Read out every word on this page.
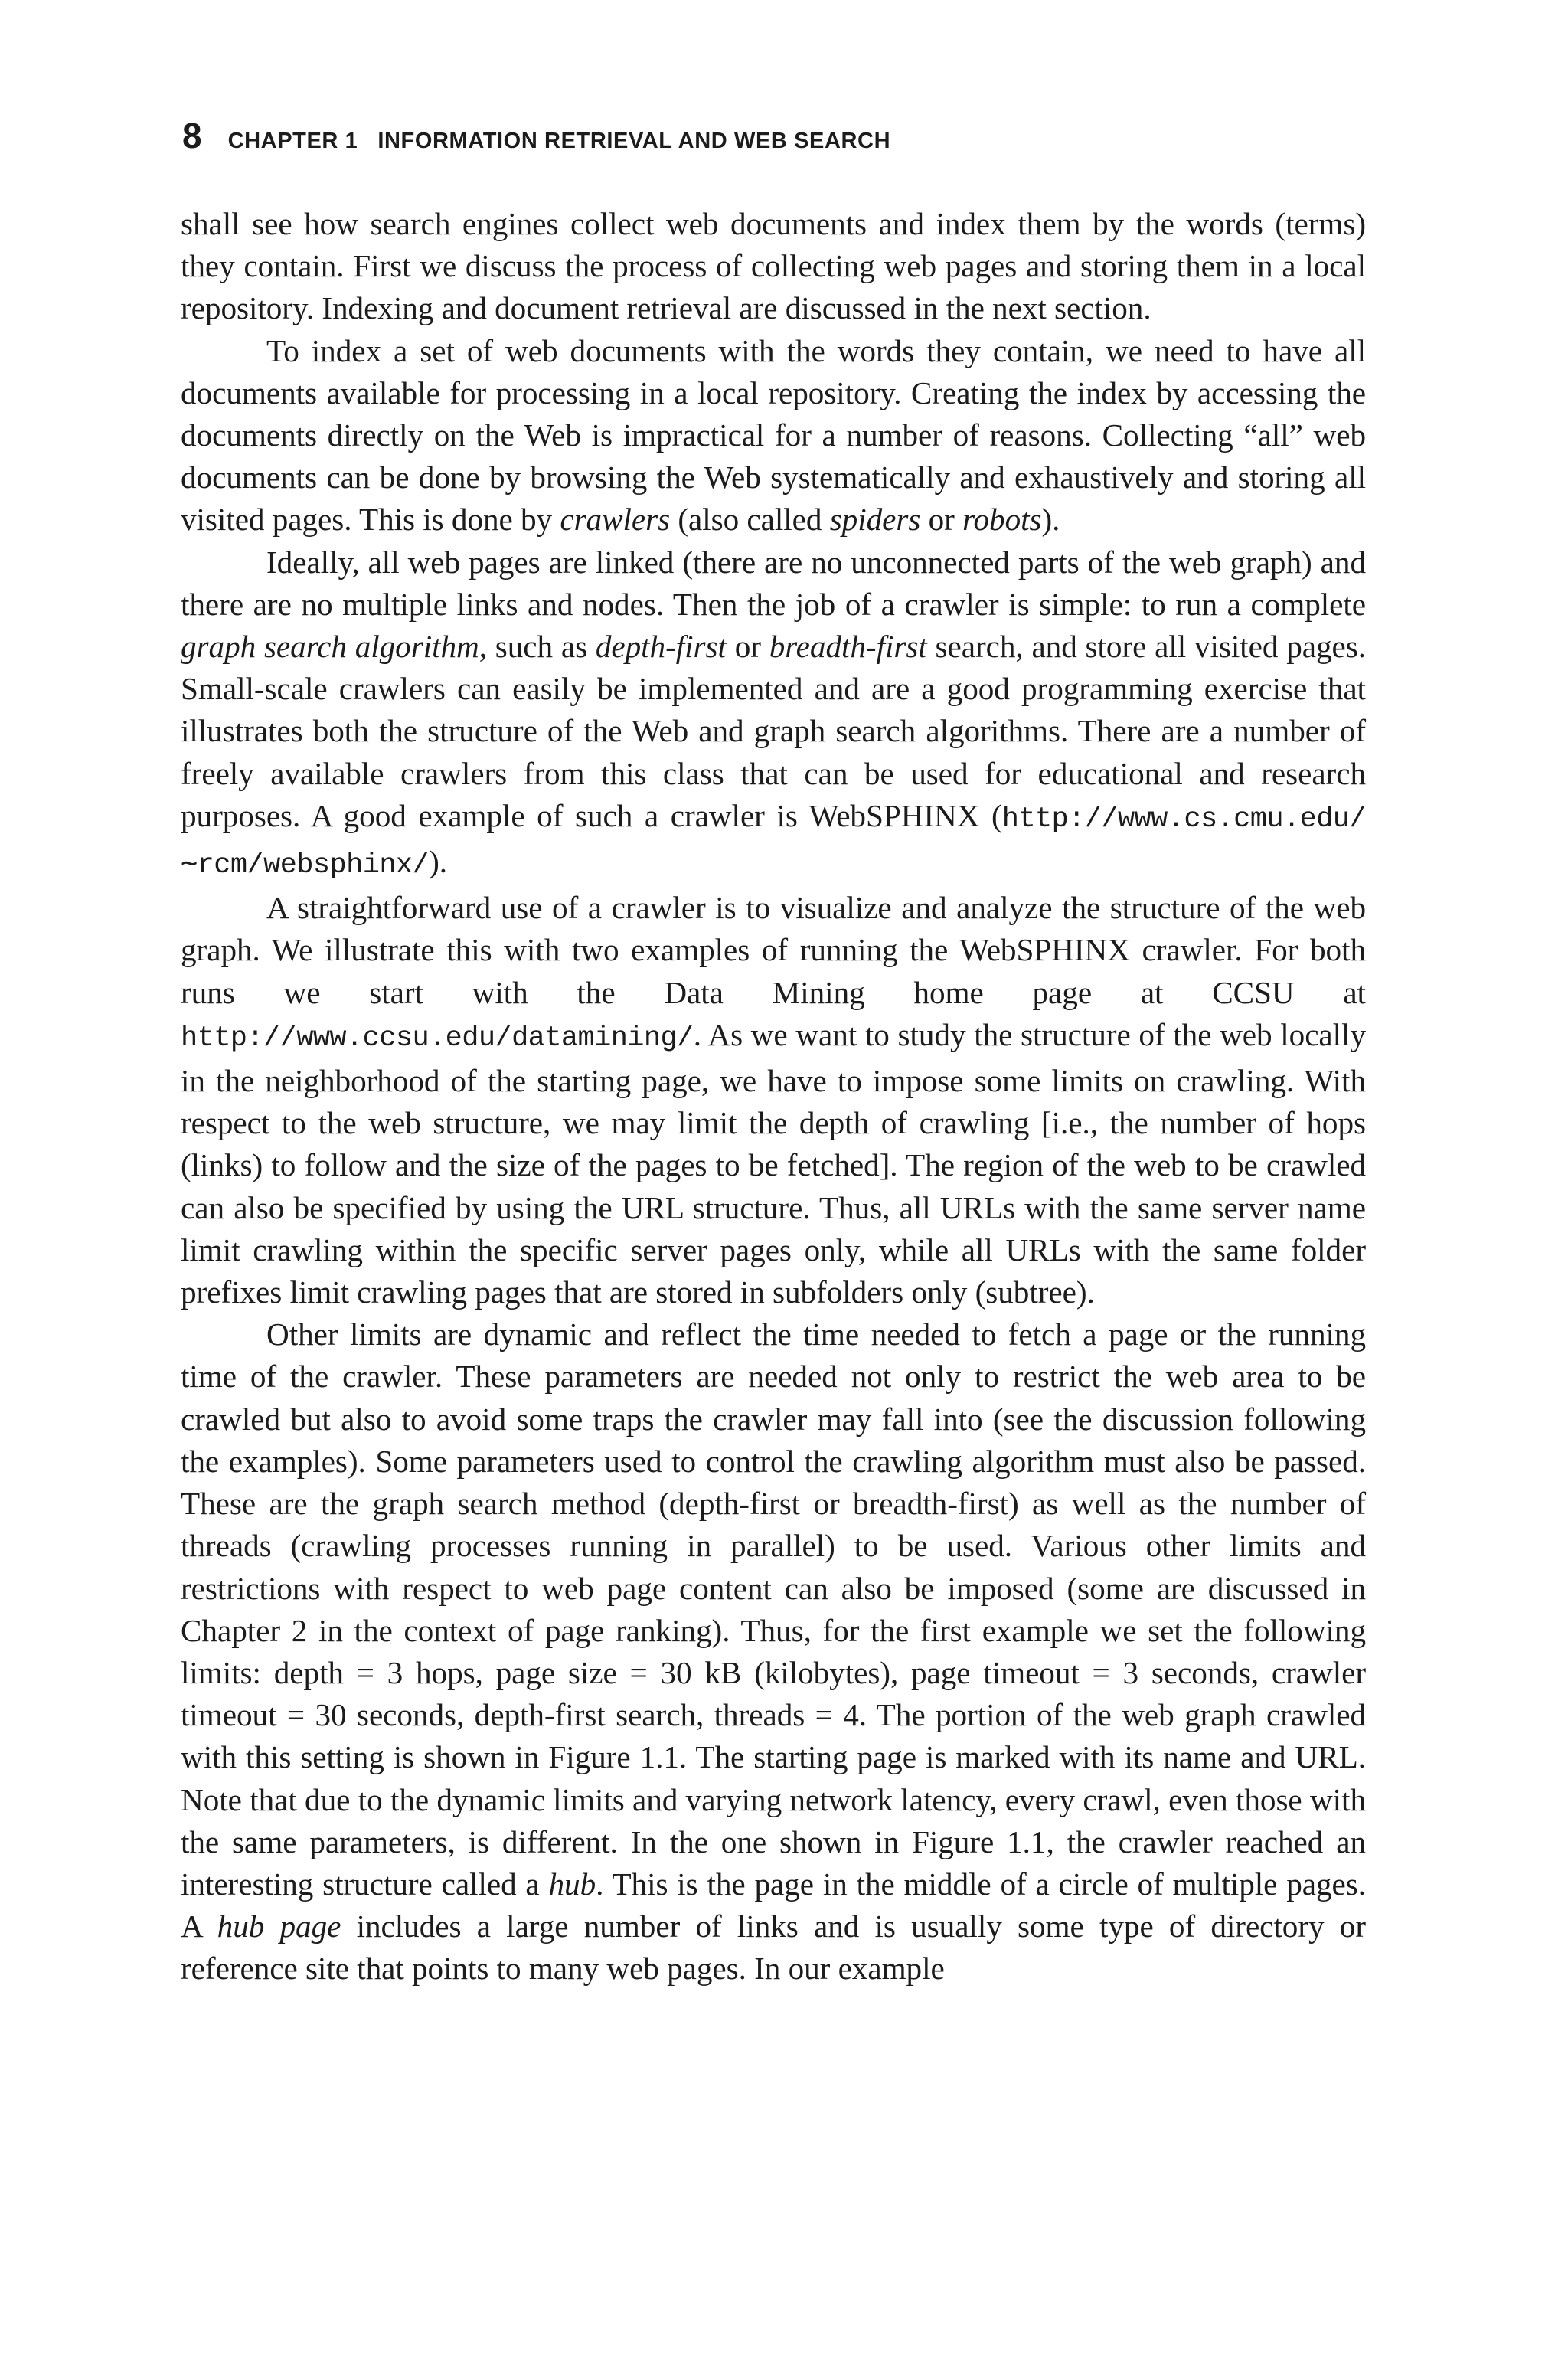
8 CHAPTER 1 INFORMATION RETRIEVAL AND WEB SEARCH

shall see how search engines collect web documents and index them by the words (terms) they contain. First we discuss the process of collecting web pages and storing them in a local repository. Indexing and document retrieval are discussed in the next section.

To index a set of web documents with the words they contain, we need to have all documents available for processing in a local repository. Creating the index by accessing the documents directly on the Web is impractical for a number of reasons. Collecting “all” web documents can be done by browsing the Web systematically and exhaustively and storing all visited pages. This is done by crawlers (also called spiders or robots).

Ideally, all web pages are linked (there are no unconnected parts of the web graph) and there are no multiple links and nodes. Then the job of a crawler is simple: to run a complete graph search algorithm, such as depth-first or breadth-first search, and store all visited pages. Small-scale crawlers can easily be implemented and are a good programming exercise that illustrates both the structure of the Web and graph search algorithms. There are a number of freely available crawlers from this class that can be used for educational and research purposes. A good example of such a crawler is WebSPHINX (http://www.cs.cmu.edu/∼rcm/websphinx/).

A straightforward use of a crawler is to visualize and analyze the structure of the web graph. We illustrate this with two examples of running the WebSPHINX crawler. For both runs we start with the Data Mining home page at CCSU at http://www.ccsu.edu/datamining/. As we want to study the structure of the web locally in the neighborhood of the starting page, we have to impose some limits on crawling. With respect to the web structure, we may limit the depth of crawling [i.e., the number of hops (links) to follow and the size of the pages to be fetched]. The region of the web to be crawled can also be specified by using the URL structure. Thus, all URLs with the same server name limit crawling within the specific server pages only, while all URLs with the same folder prefixes limit crawling pages that are stored in subfolders only (subtree).

Other limits are dynamic and reflect the time needed to fetch a page or the running time of the crawler. These parameters are needed not only to restrict the web area to be crawled but also to avoid some traps the crawler may fall into (see the discussion following the examples). Some parameters used to control the crawling algorithm must also be passed. These are the graph search method (depth-first or breadth-first) as well as the number of threads (crawling processes running in parallel) to be used. Various other limits and restrictions with respect to web page content can also be imposed (some are discussed in Chapter 2 in the context of page ranking). Thus, for the first example we set the following limits: depth = 3 hops, page size = 30 kB (kilobytes), page timeout = 3 seconds, crawler timeout = 30 seconds, depth-first search, threads = 4. The portion of the web graph crawled with this setting is shown in Figure 1.1. The starting page is marked with its name and URL. Note that due to the dynamic limits and varying network latency, every crawl, even those with the same parameters, is different. In the one shown in Figure 1.1, the crawler reached an interesting structure called a hub. This is the page in the middle of a circle of multiple pages. A hub page includes a large number of links and is usually some type of directory or reference site that points to many web pages. In our example
